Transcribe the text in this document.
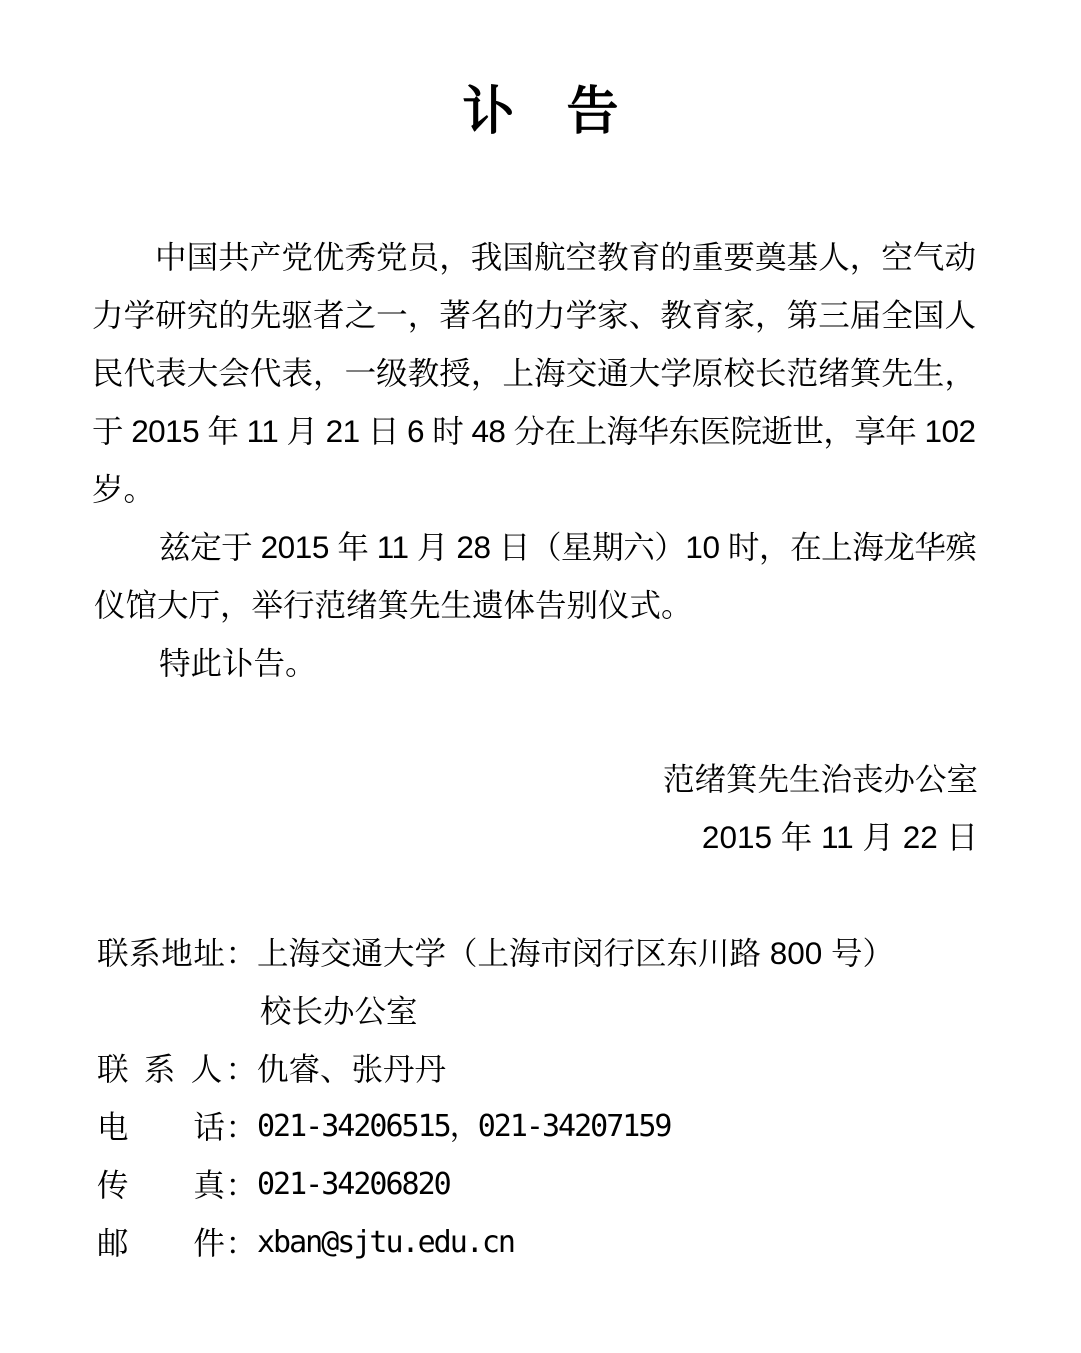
讣　告
中国共产党优秀党员，我国航空教育的重要奠基人，空气动
力学研究的先驱者之一，著名的力学家、教育家，第三届全国人
民代表大会代表，一级教授，上海交通大学原校长范绪箕先生，
于 2015 年 11 月 21 日 6 时 48 分在上海华东医院逝世，享年 102
岁。
兹定于 2015 年 11 月 28 日（星期六）10 时，在上海龙华殡
仪馆大厅，举行范绪箕先生遗体告别仪式。
特此讣告。
范绪箕先生治丧办公室
2015 年 11 月 22 日
联系地址： 上海交通大学（上海市闵行区东川路 800 号）
校长办公室
联 系 人：
仇睿、张丹丹
电　　话： 021-34206515，021-34207159
传　　真： 021-34206820
邮　　件： xban@sjtu.edu.cn
